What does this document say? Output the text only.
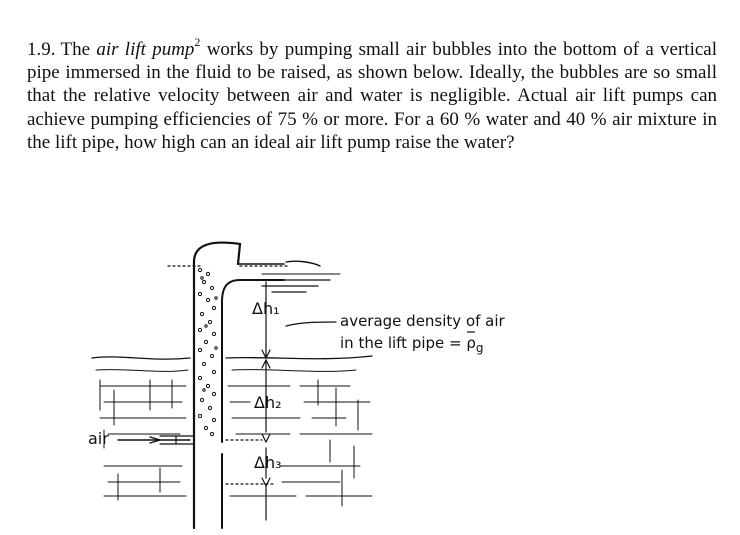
1.9. The air lift pump$^2$ works by pumping small air bubbles into the bottom of a vertical pipe immersed in the fluid to be raised, as shown below. Ideally, the bubbles are so small that the relative velocity between air and water is negligible. Actual air lift pumps can achieve pumping efficiencies of 75 % or more. For a 60 % water and 40 % air mixture in the lift pipe, how high can an ideal air lift pump raise the water?
Δh₁
Δh₂
Δh₃
air
average density of air
in the lift pipe = $\rho_g$
